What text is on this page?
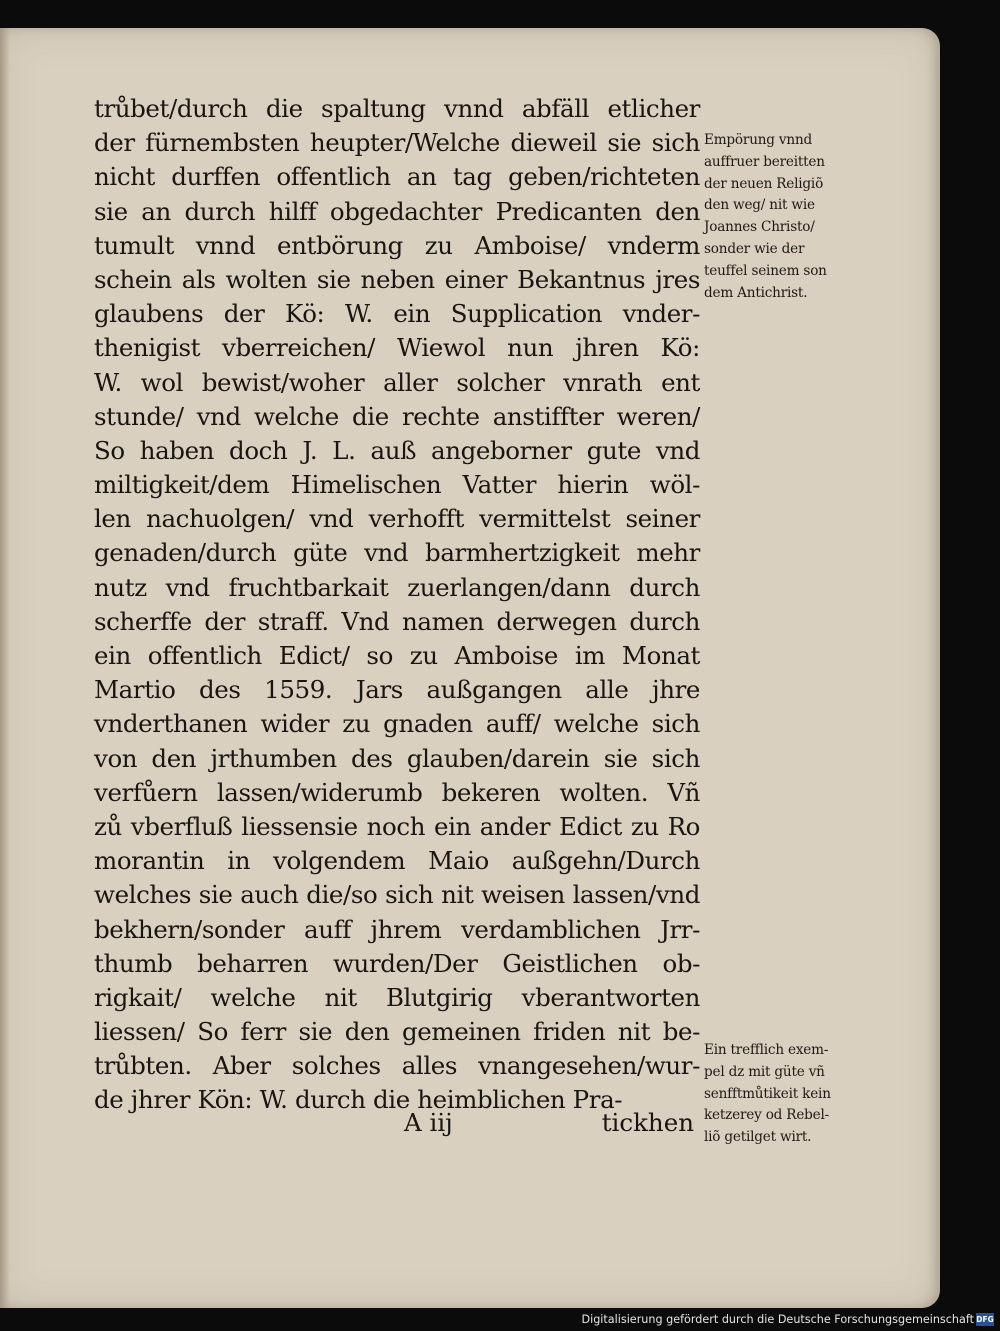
trůbet/durch die spaltung vnnd abfäll etlicher
der fürnembsten heupter/Welche dieweil sie sich
nicht durffen offentlich an tag geben/richteten
sie an durch hilff obgedachter Predicanten den
tumult vnnd entbörung zu Amboise/ vnderm
schein als wolten sie neben einer Bekantnus jres
glaubens der Kö: W. ein Supplication vnder-
thenigist vberreichen/ Wiewol nun jhren Kö:
W. wol bewist/woher aller solcher vnrath ent
stunde/ vnd welche die rechte anstiffter weren/
So haben doch J. L. auß angeborner gute vnd
miltigkeit/dem Himelischen Vatter hierin wöl-
len nachuolgen/ vnd verhofft vermittelst seiner
genaden/durch güte vnd barmhertzigkeit mehr
nutz vnd fruchtbarkait zuerlangen/dann durch
scherffe der straff. Vnd namen derwegen durch
ein offentlich Edict/ so zu Amboise im Monat
Martio des 1559. Jars außgangen alle jhre
vnderthanen wider zu gnaden auff/ welche sich
von den jrthumben des glauben/darein sie sich
verfůern lassen/widerumb bekeren wolten. Vñ
zů vberfluß liessensie noch ein ander Edict zu Ro
morantin in volgendem Maio außgehn/Durch
welches sie auch die/so sich nit weisen lassen/vnd
bekhern/sonder auff jhrem verdamblichen Jrr-
thumb beharren wurden/Der Geistlichen ob-
rigkait/ welche nit Blutgirig vberantworten
liessen/ So ferr sie den gemeinen friden nit be-
trůbten. Aber solches alles vnangesehen/wur-
de jhrer Kön: W. durch die heimblichen Pra-
A iij	tickhen
Empörung vnnd
auffruer bereitten
der neuen Religiõ
den weg/ nit wie
Joannes Christo/
sonder wie der
teuffel seinem son
dem Antichrist.
Ein trefflich exem-
pel dz mit güte vñ
senfftmůtikeit kein
ketzerey od Rebel-
liõ getilget wirt.
Digitalisierung gefördert durch die Deutsche Forschungsgemeinschaft DFG
